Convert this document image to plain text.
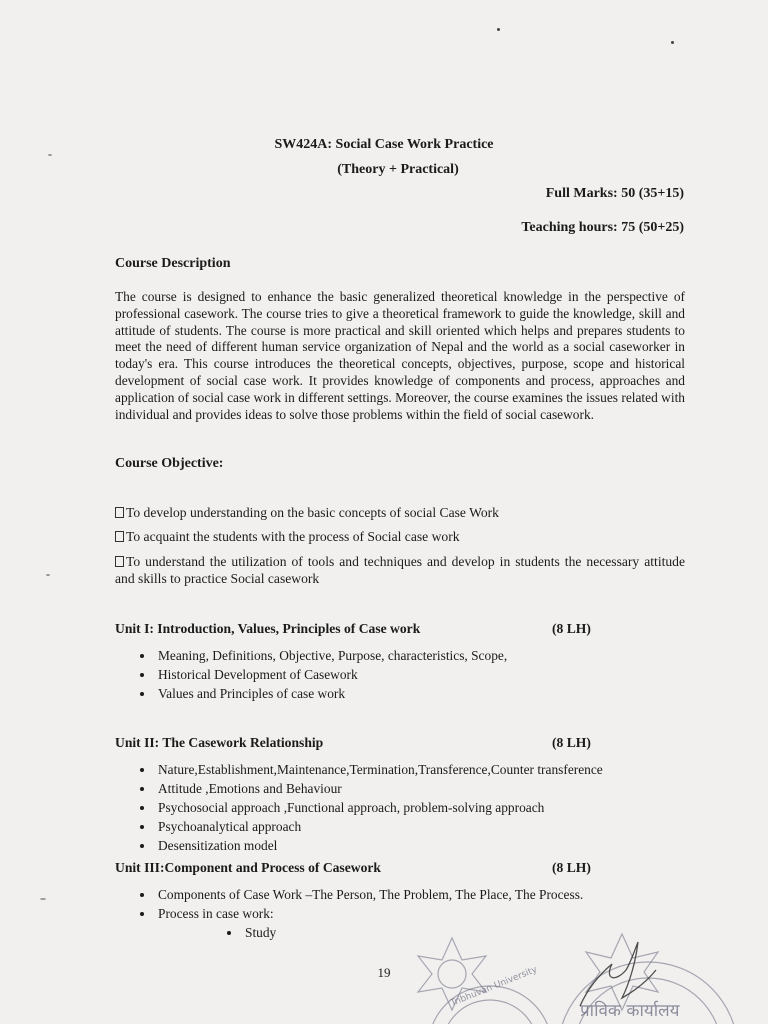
SW424A: Social Case Work Practice
(Theory + Practical)
Full Marks: 50 (35+15)
Teaching hours: 75 (50+25)
Course Description

The course is designed to enhance the basic generalized theoretical knowledge in the perspective of professional casework. The course tries to give a theoretical framework to guide the knowledge, skill and attitude of students. The course is more practical and skill oriented which helps and prepares students to meet the need of different human service organization of Nepal and the world as a social caseworker in today's era. This course introduces the theoretical concepts, objectives, purpose, scope and historical development of social case work. It provides knowledge of components and process, approaches and application of social case work in different settings. Moreover, the course examines the issues related with individual and provides ideas to solve those problems within the field of social casework.

Course Objective:
To develop understanding on the basic concepts of social Case Work
To acquaint the students with the process of Social case work
To understand the utilization of tools and techniques and develop in students the necessary attitude and skills to practice Social casework
Unit I: Introduction, Values, Principles of Case work	(8 LH)
Meaning, Definitions, Objective, Purpose, characteristics, Scope,
Historical Development of Casework
Values and Principles of case work
Unit II: The Casework Relationship	(8 LH)
Nature,Establishment,Maintenance,Termination,Transference,Counter transference
Attitude ,Emotions and Behaviour
Psychosocial approach ,Functional approach, problem-solving approach
Psychoanalytical approach
Desensitization model
Unit III:Component and Process of Casework	(8 LH)
Components of Case Work –The Person, The Problem, The Place, The Process.
Process in case work:
Study
19	Tribhuvan University
प्राविक कार्यालय
